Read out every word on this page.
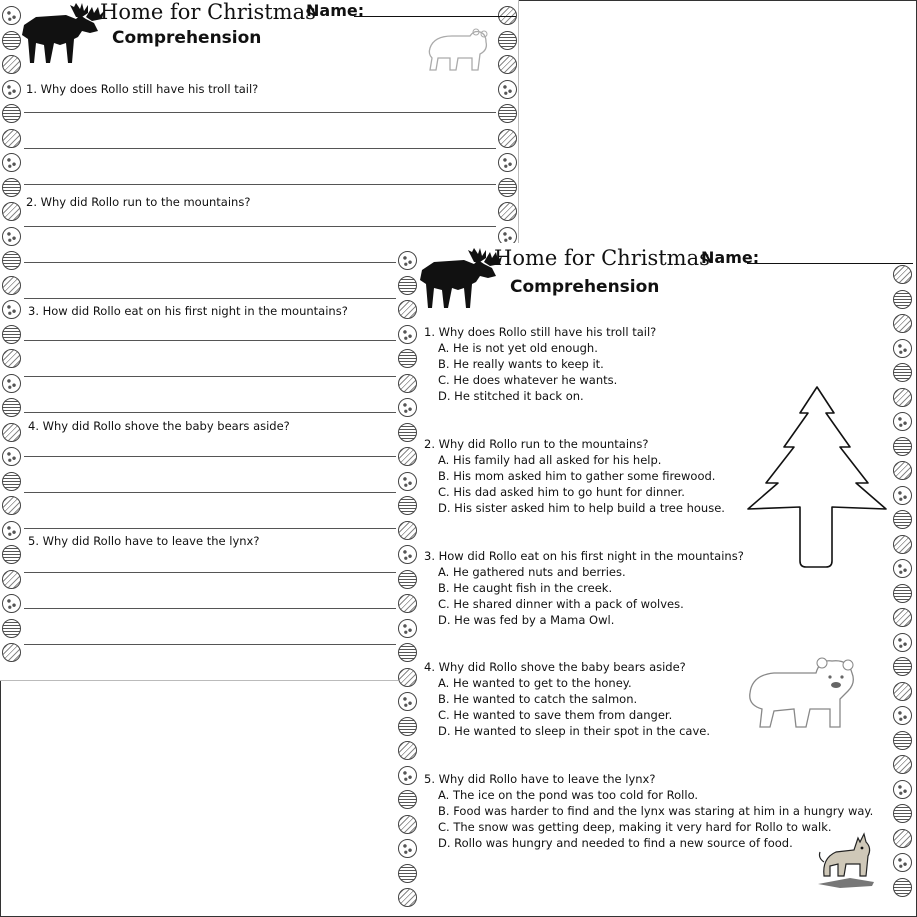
Home for Christmas
Comprehension
Name:
1. Why does Rollo still have his troll tail?
2. Why did Rollo run to the mountains?
3. How did Rollo eat on his first night in the mountains?
4. Why did Rollo shove the baby bears aside?
5. Why did Rollo have to leave the lynx?
Home for Christmas
Comprehension
Name:
1. Why does Rollo still have his troll tail?
A. He is not yet old enough.
B. He really wants to keep it.
C. He does whatever he wants.
D. He stitched it back on.
2. Why did Rollo run to the mountains?
A. His family had all asked for his help.
B. His mom asked him to gather some firewood.
C. His dad asked him to go hunt for dinner.
D. His sister asked him to help build a tree house.
3. How did Rollo eat on his first night in the mountains?
A. He gathered nuts and berries.
B. He caught fish in the creek.
C. He shared dinner with a pack of wolves.
D. He was fed by a Mama Owl.
4. Why did Rollo shove the baby bears aside?
A. He wanted to get to the honey.
B. He wanted to catch the salmon.
C. He wanted to save them from danger.
D. He wanted to sleep in their spot in the cave.
5. Why did Rollo have to leave the lynx?
A. The ice on the pond was too cold for Rollo.
B. Food was harder to find and the lynx was staring at him in a hungry way.
C. The snow was getting deep, making it very hard for Rollo to walk.
D. Rollo was hungry and needed to find a new source of food.
